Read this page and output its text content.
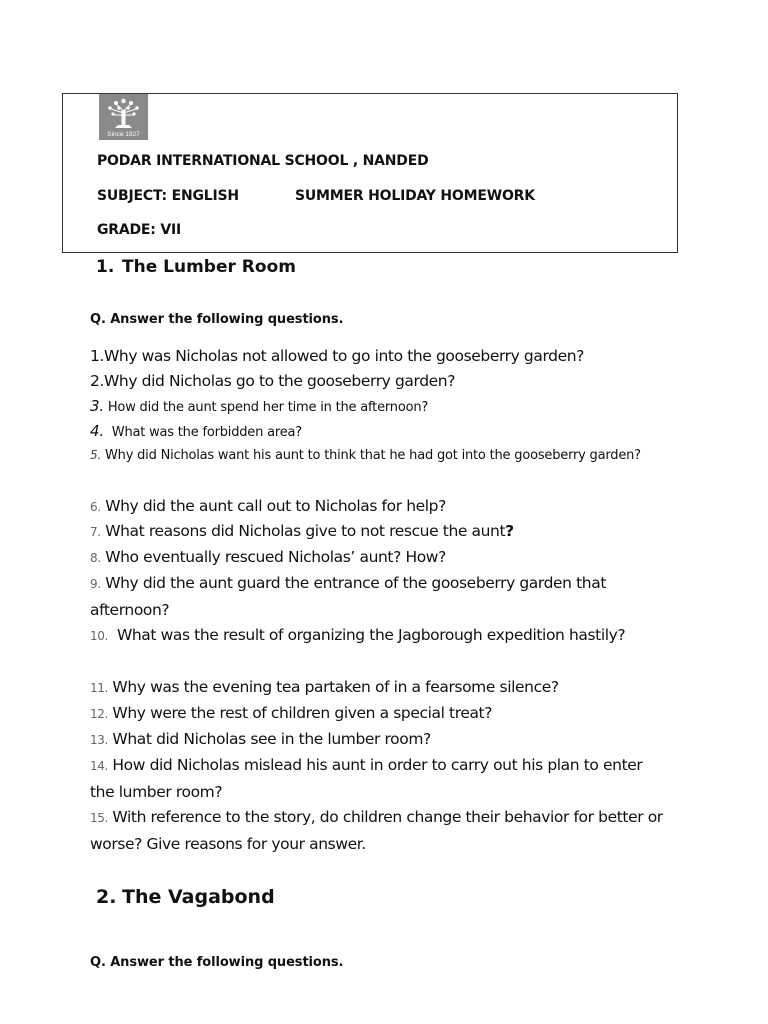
Since 1927
PODAR INTERNATIONAL SCHOOL , NANDED
SUBJECT: ENGLISH	SUMMER HOLIDAY HOMEWORK
GRADE: VII
1. The Lumber Room
Q. Answer the following questions.
1.Why was Nicholas not allowed to go into the gooseberry garden?
2.Why did Nicholas go to the gooseberry garden?
3. How did the aunt spend her time in the afternoon?
4. What was the forbidden area?
5. Why did Nicholas want his aunt to think that he had got into the gooseberry garden?
6. Why did the aunt call out to Nicholas for help?
7. What reasons did Nicholas give to not rescue the aunt?
8. Who eventually rescued Nicholas’ aunt? How?
9. Why did the aunt guard the entrance of the gooseberry garden that afternoon?
10. What was the result of organizing the Jagborough expedition hastily?
11. Why was the evening tea partaken of in a fearsome silence?
12. Why were the rest of children given a special treat?
13. What did Nicholas see in the lumber room?
14. How did Nicholas mislead his aunt in order to carry out his plan to enter the lumber room?
15. With reference to the story, do children change their behavior for better or worse? Give reasons for your answer.
2. The Vagabond
Q. Answer the following questions.
